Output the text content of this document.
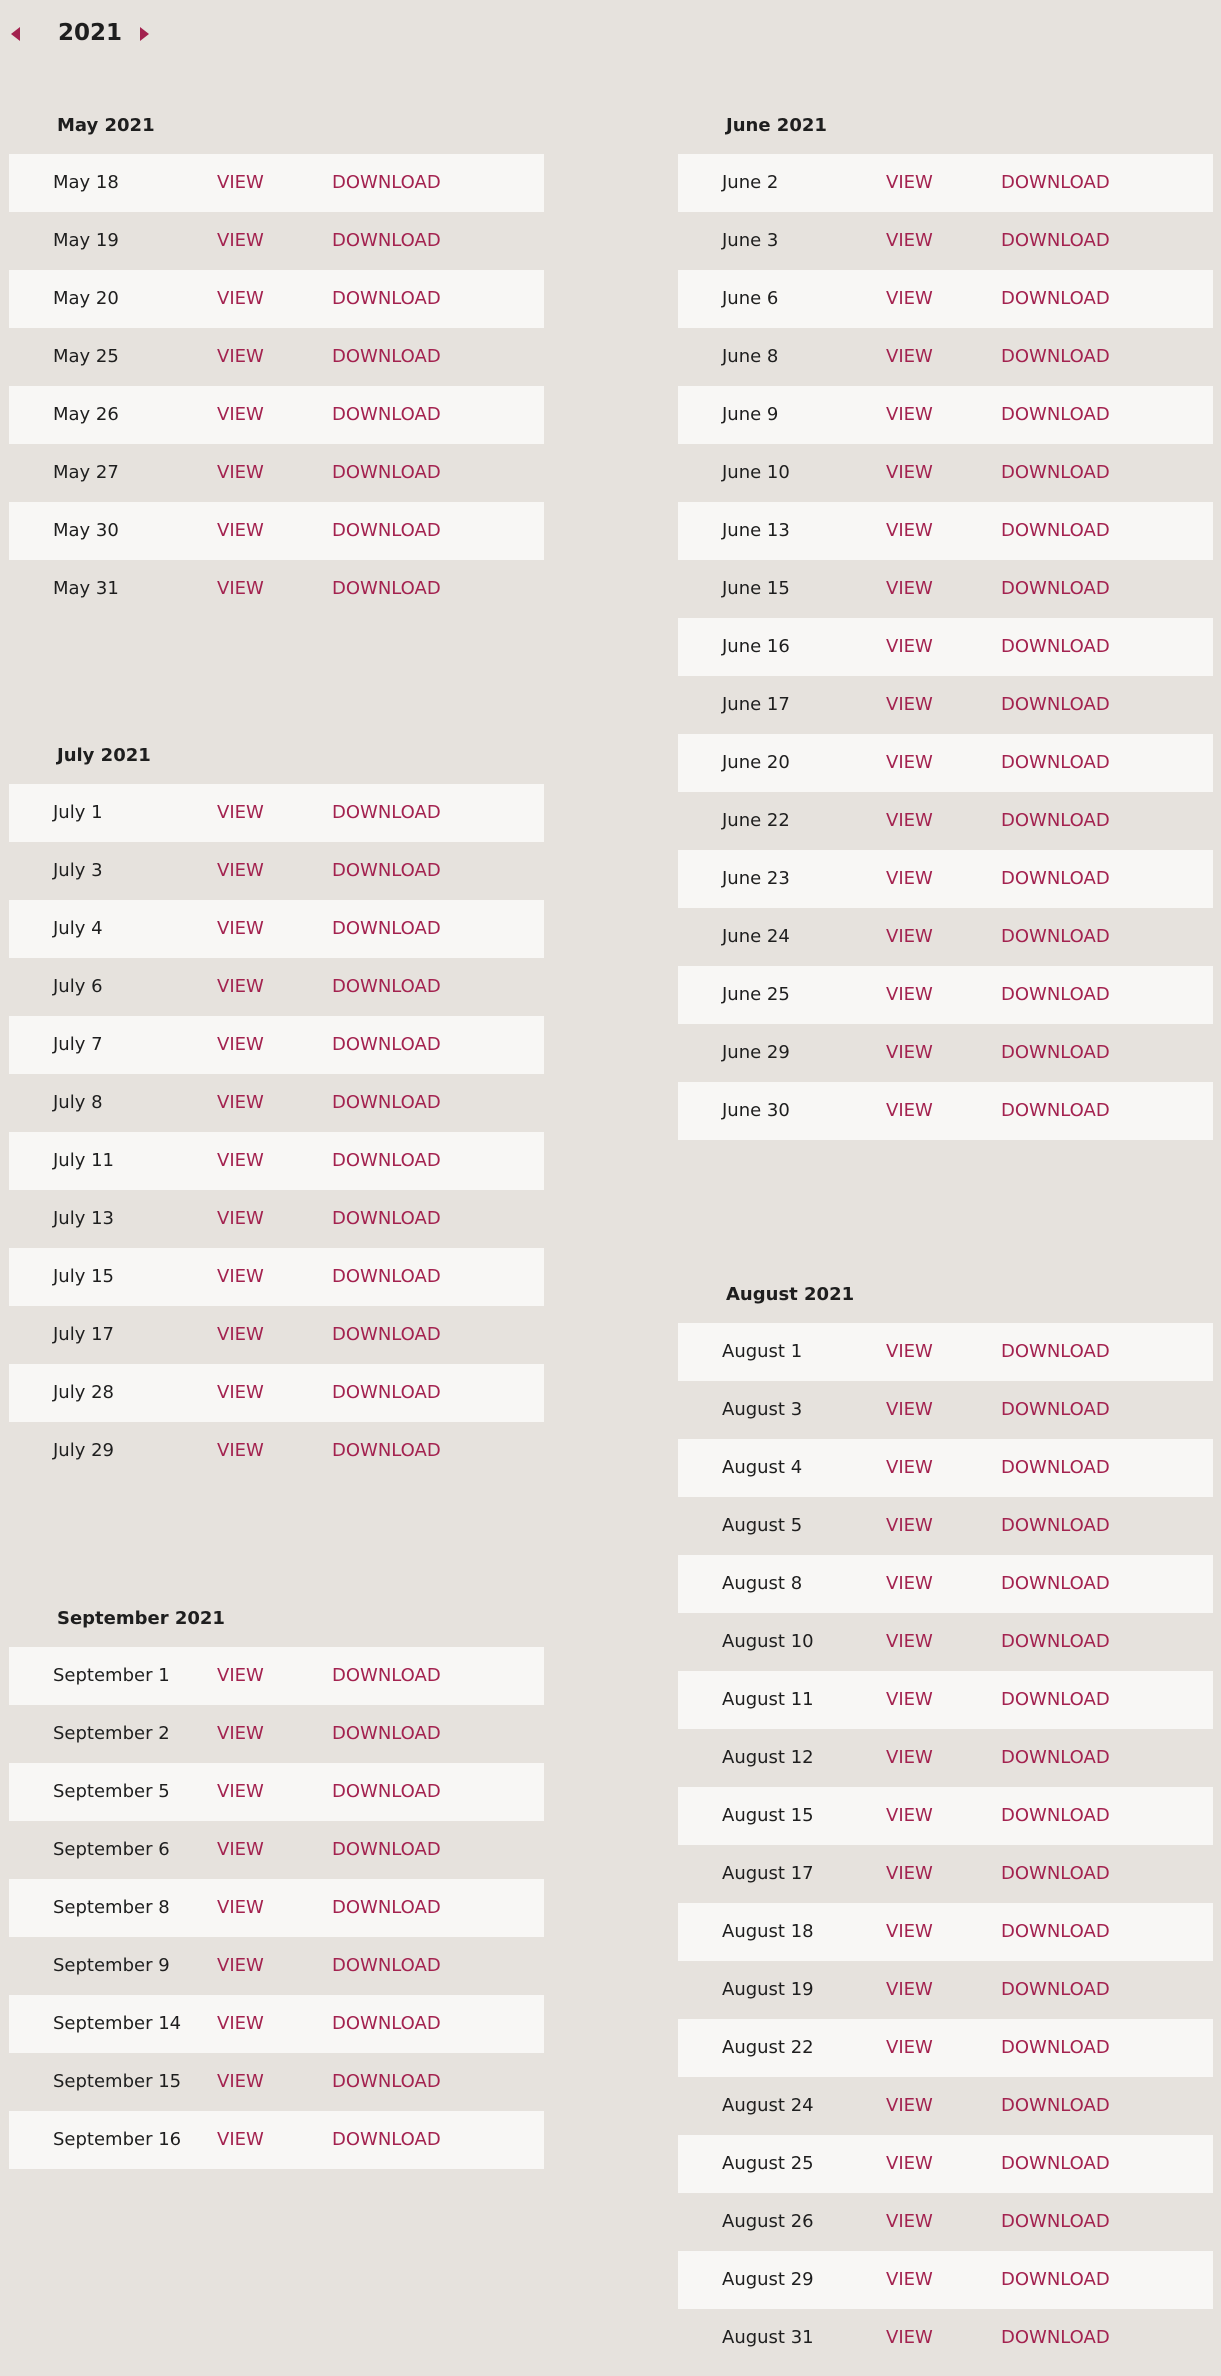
2021
May 2021
May 18	VIEW	DOWNLOAD
May 19	VIEW	DOWNLOAD
May 20	VIEW	DOWNLOAD
May 25	VIEW	DOWNLOAD
May 26	VIEW	DOWNLOAD
May 27	VIEW	DOWNLOAD
May 30	VIEW	DOWNLOAD
May 31	VIEW	DOWNLOAD
June 2021
June 2	VIEW	DOWNLOAD
June 3	VIEW	DOWNLOAD
June 6	VIEW	DOWNLOAD
June 8	VIEW	DOWNLOAD
June 9	VIEW	DOWNLOAD
June 10	VIEW	DOWNLOAD
June 13	VIEW	DOWNLOAD
June 15	VIEW	DOWNLOAD
June 16	VIEW	DOWNLOAD
June 17	VIEW	DOWNLOAD
June 20	VIEW	DOWNLOAD
June 22	VIEW	DOWNLOAD
June 23	VIEW	DOWNLOAD
June 24	VIEW	DOWNLOAD
June 25	VIEW	DOWNLOAD
June 29	VIEW	DOWNLOAD
June 30	VIEW	DOWNLOAD
July 2021
July 1	VIEW	DOWNLOAD
July 3	VIEW	DOWNLOAD
July 4	VIEW	DOWNLOAD
July 6	VIEW	DOWNLOAD
July 7	VIEW	DOWNLOAD
July 8	VIEW	DOWNLOAD
July 11	VIEW	DOWNLOAD
July 13	VIEW	DOWNLOAD
July 15	VIEW	DOWNLOAD
July 17	VIEW	DOWNLOAD
July 28	VIEW	DOWNLOAD
July 29	VIEW	DOWNLOAD
August 2021
August 1	VIEW	DOWNLOAD
August 3	VIEW	DOWNLOAD
August 4	VIEW	DOWNLOAD
August 5	VIEW	DOWNLOAD
August 8	VIEW	DOWNLOAD
August 10	VIEW	DOWNLOAD
August 11	VIEW	DOWNLOAD
August 12	VIEW	DOWNLOAD
August 15	VIEW	DOWNLOAD
August 17	VIEW	DOWNLOAD
August 18	VIEW	DOWNLOAD
August 19	VIEW	DOWNLOAD
August 22	VIEW	DOWNLOAD
August 24	VIEW	DOWNLOAD
August 25	VIEW	DOWNLOAD
August 26	VIEW	DOWNLOAD
August 29	VIEW	DOWNLOAD
August 31	VIEW	DOWNLOAD
September 2021
September 1	VIEW	DOWNLOAD
September 2	VIEW	DOWNLOAD
September 5	VIEW	DOWNLOAD
September 6	VIEW	DOWNLOAD
September 8	VIEW	DOWNLOAD
September 9	VIEW	DOWNLOAD
September 14 VIEW	DOWNLOAD
September 15 VIEW	DOWNLOAD
September 16 VIEW	DOWNLOAD
